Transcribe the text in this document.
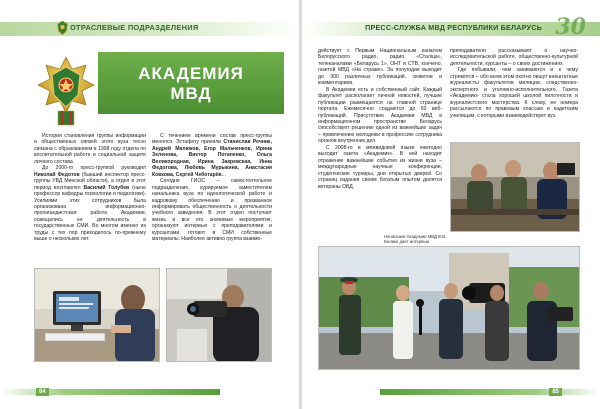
ОТРАСЛЕВЫЕ ПОДРАЗДЕЛЕНИЯ
АКАДЕМИЯ
МВД

История становления группы информации и общественных связей этого вуза тесно связана с образованием в 1998 году отдела по воспитательной работе и социальной защите личного состава.

До 2000-го пресс-группой руководил Николай Федотов (бывший инспектор пресс-группы УВД Минской области), а отдел в этот период возглавлял Василий Голубев (ныне профессор кафедры психологии и педагогики). Усилиями этих сотрудников была организована информационно-пропагандистская работа Академии, освещались ее деятельность в государственных СМИ. Во многом именно их труды с тех пор приходилось по-прежнему выше о нескольких лет.

С течением времени состав пресс-группы менялся. Эстафету приняли Станислав Речник, Андрей Малюков, Егор Мальченков, Ирина Зеленова, Виктор Потапенко, Ольга Великородная, Ирина Закревская, Инна Федотова, Любовь Мурыкина, Анастасия Ковкова, Сергей Чеботарёв...

Сегодня ГИОС – самостоятельное подразделение, курируемое заместителем начальника вуза по идеологической работе и кадровому обеспечению и призванное информировать общественность о деятельности учебного заведения. В этот отдел поступает жизнь и все его значимые мероприятия, организуют интервью с преподавателями и курсантами, готовят в СМИ собственные материалы. Наиболее активно группа взаимо-

84
ПРЕСС-СЛУЖБА МВД РЕСПУБЛИКИ БЕЛАРУСЬ 30

действует с Первым Национальным каналом Белорусского радио, радио «Сталіца», телеканалами «Беларусь 1», ОНТ и СТВ, кончено, газетой МВД «На страже». За полугодие выходит до 300 различных публикаций, сюжетов и комментариев.

В Академии есть и собственный сайт. Каждый факультет располагает личной новостей, лучшие публикации размещаются на главной странице портала. Ежемесячно создаются до 50 веб-публикаций. Присутствие Академии МВД в информационном пространстве Беларусь способствует решению одной из важнейших задач – привлечению молодежи в профессию сотрудника органов внутренних дел.

С 2008-го в межвидовой языке ежегодно выходит газета «Академик». В ней находит отражение важнейшие события из жизни вуза – международные научные конференции, студенческие турниры, дни открытых дверей. Со страниц издания своим богатым опытом делятся ветераны ОВД,

преподаватели рассказывают о научно-исследовательской работе, общественно-культурной деятельности, курсанты – о своих достижениях.

Где побывали, чем занимаются и к чему стремятся – обо всем этом охотно пишут внештатные журналисты факультетов милиции, следственно-экспертного и уголовно-исполнительного. Газета «Академик» стала хорошей школой пилотности и журналистского мастерства. К слову, ее номера рассылаются по правовым классам и кадетским училищам, с которыми взаимодействует вуз.

Начальник Академии МВД В.В. Белико дает интервью
85
